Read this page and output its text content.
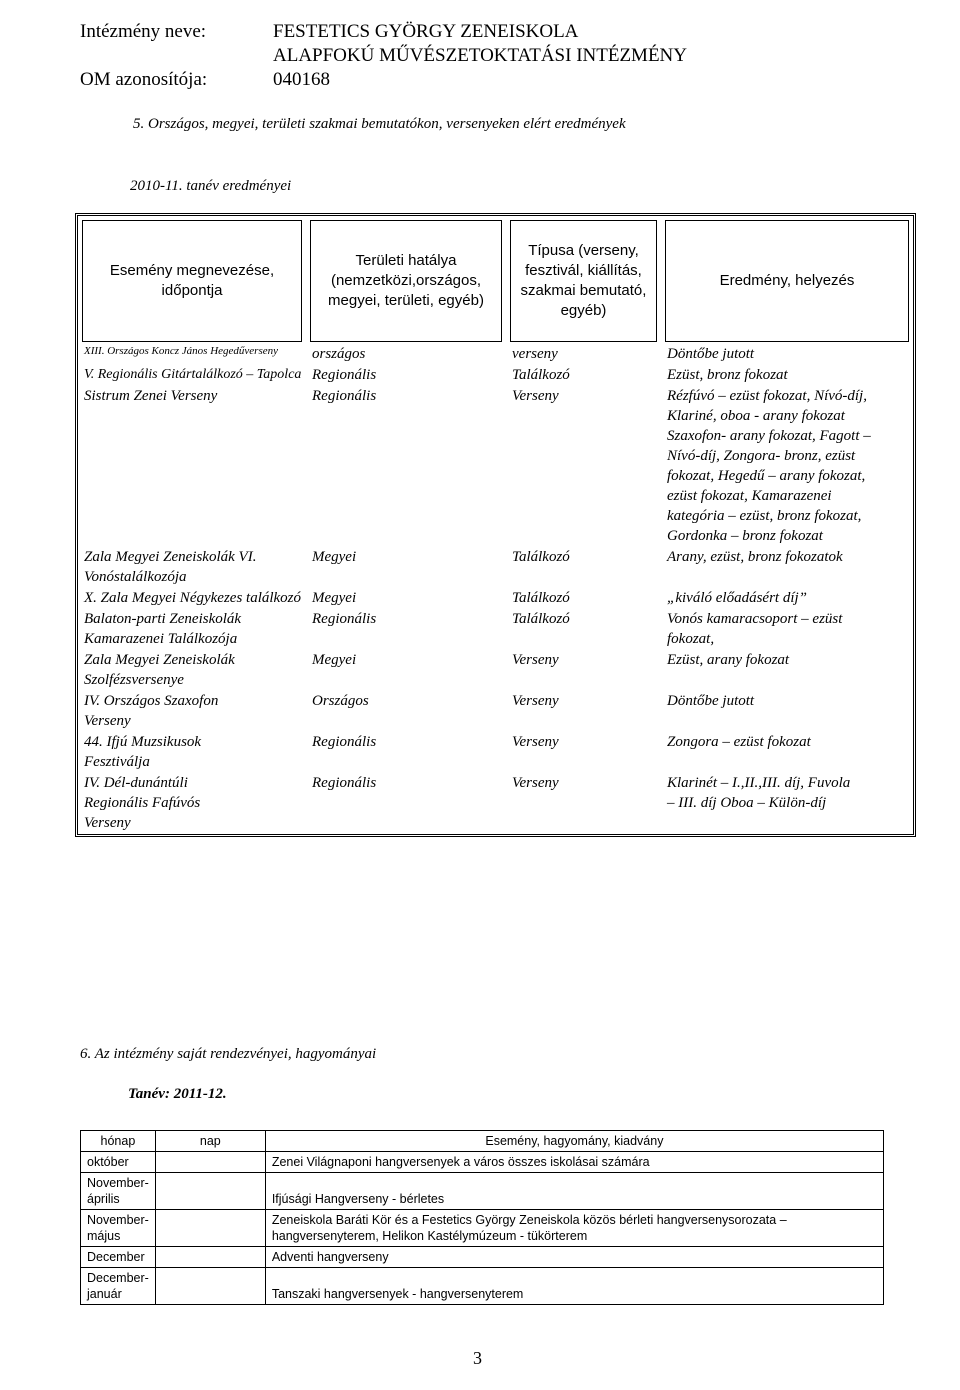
Intézmény neve:	FESTETICS GYÖRGY ZENEISKOLA
ALAPFOKÚ MŰVÉSZETOKTATÁSI INTÉZMÉNY
OM azonosítója:	040168
5. Országos, megyei, területi szakmai bemutatókon, versenyeken elért eredmények
2010-11. tanév eredményei
Esemény megnevezése, időpontja	Területi hatálya (nemzetközi,országos, megyei, területi, egyéb)	Típusa (verseny, fesztivál, kiállítás, szakmai bemutató, egyéb)	Eredmény, helyezés

XIII. Országos Koncz János Hegedűverseny	országos	verseny	Döntőbe jutott
V. Regionális Gitártalálkozó – Tapolca	Regionális	Találkozó	Ezüst, bronz fokozat
Sistrum Zenei Verseny	Regionális	Verseny	Rézfúvó – ezüst fokozat, Nívó-díj, Klariné, oboa - arany fokozat Szaxofon- arany fokozat, Fagott – Nívó-díj, Zongora- bronz, ezüst fokozat, Hegedű – arany fokozat, ezüst fokozat, Kamarazenei kategória – ezüst, bronz fokozat, Gordonka – bronz fokozat
Zala Megyei Zeneiskolák VI. Vonóstalálkozója	Megyei	Találkozó	Arany, ezüst, bronz fokozatok
X. Zala Megyei Négykezes találkozó	Megyei	Találkozó	„kiváló előadásért díj”
Balaton-parti Zeneiskolák Kamarazenei Találkozója	Regionális	Találkozó	Vonós kamaracsoport – ezüst fokozat,
Zala Megyei Zeneiskolák Szolfézsversenye	Megyei	Verseny	Ezüst, arany fokozat
IV. Országos Szaxofon Verseny	Országos	Verseny	Döntőbe jutott
44. Ifjú Muzsikusok Fesztiválja	Regionális	Verseny	Zongora – ezüst fokozat
IV. Dél-dunántúli Regionális Fafúvós Verseny	Regionális	Verseny	Klarinét – I.,II.,III. díj, Fuvola – III. díj Oboa – Külön-díj
6. Az intézmény saját rendezvényei, hagyományai
Tanév: 2011-12.
hónap	nap	Esemény, hagyomány, kiadvány
október		Zenei Világnaponi hangversenyek a város összes iskolásai számára
November-április		Ifjúsági Hangverseny - bérletes
November-május		Zeneiskola Baráti Kör és a Festetics György Zeneiskola közös bérleti hangversenysorozata – hangversenyterem, Helikon Kastélymúzeum - tükörterem
December		Adventi hangverseny
December-január		Tanszaki hangversenyek - hangversenyterem
3
